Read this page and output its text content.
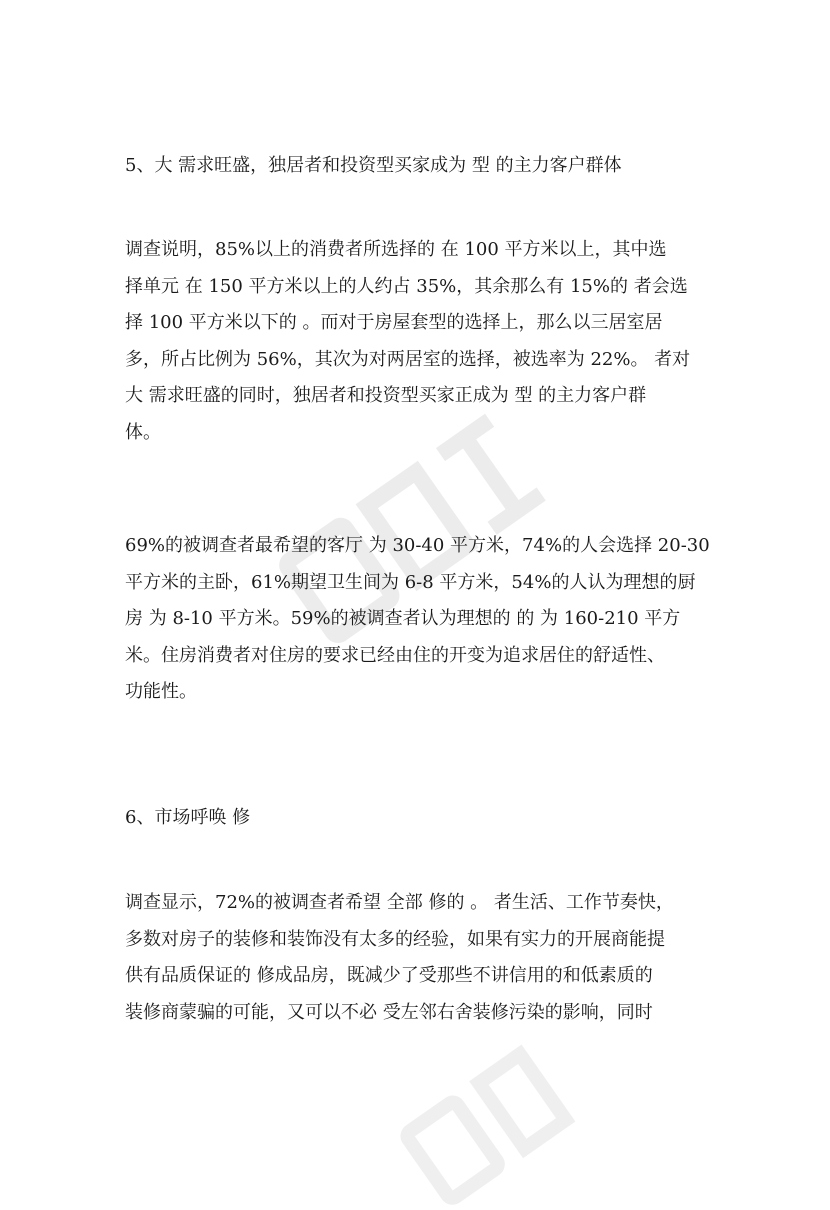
5、大 需求旺盛，独居者和投资型买家成为 型 的主力客户群体
调查说明，85%以上的消费者所选择的 在 100 平方米以上，其中选
择单元 在 150 平方米以上的人约占 35%，其余那么有 15%的 者会选
择 100 平方米以下的 。而对于房屋套型的选择上，那么以三居室居
多，所占比例为 56%，其次为对两居室的选择，被选率为 22%。 者对
大 需求旺盛的同时，独居者和投资型买家正成为 型 的主力客户群
体。
69%的被调查者最希望的客厅 为 30-40 平方米，74%的人会选择 20-30
平方米的主卧，61%期望卫生间为 6-8 平方米，54%的人认为理想的厨
房 为 8-10 平方米。59%的被调查者认为理想的 的 为 160-210 平方
米。住房消费者对住房的要求已经由住的开变为追求居住的舒适性、
功能性。
6、市场呼唤 修
调查显示，72%的被调查者希望 全部 修的 。 者生活、工作节奏快，
多数对房子的装修和装饰没有太多的经验，如果有实力的开展商能提
供有品质保证的 修成品房，既减少了受那些不讲信用的和低素质的
装修商蒙骗的可能，又可以不必 受左邻右舍装修污染的影响，同时
